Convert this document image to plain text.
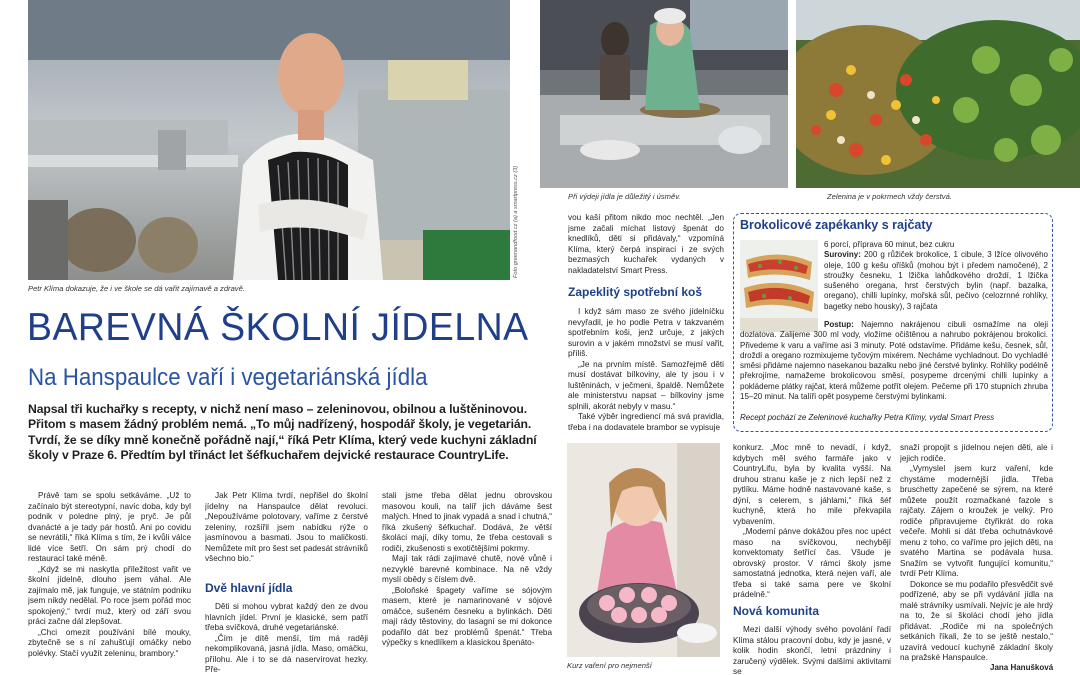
Petr Klíma dokazuje, že i ve škole se dá vařit zajímavě a zdravě.
Foto greenandfood.cz (a) a smartpress.cz (3)	Při výdeji jídla je důležitý i úsměv.	Zelenina je v pokrmech vždy čerstvá.
Kurz vaření pro nejmenší
BAREVNÁ ŠKOLNÍ JÍDELNA
Na Hanspaulce vaří i vegetariánská jídla
Napsal tři kuchařky s recepty, v nichž není maso – zeleninovou, obilnou a luštěninovou. Přitom s masem žádný problém nemá. „To můj nadřízený, hospodář školy, je vegetarián. Tvrdí, že se díky mně konečně pořádně nají,“ říká Petr Klíma, který vede kuchyni základní školy v Praze 6. Předtím byl třináct let šéfkuchařem dejvické restaurace CountryLife.

Právě tam se spolu setkáváme. „Už to začínalo být stereotypní, navíc doba, kdy byl podnik v poledne plný, je pryč. Je půl dvanácté a je tady pár hostů. Ani po covidu se nevrátili,“ říká Klíma s tím, že i kvůli válce lidé více šetří. On sám prý chodí do restaurací také méně.

„Když se mi naskytla příležitost vařit ve školní jídelně, dlouho jsem váhal. Ale zajímalo mě, jak funguje, ve státním podniku jsem nikdy nedělal. Po roce jsem pořád moc spokojený,“ tvrdí muž, který od září svou práci začne dál zlepšovat.

„Chci omezit používání bílé mouky, zbytečně se s ní zahušťují omáčky nebo polévky. Stačí využít zeleninu, brambory.“

Jak Petr Klíma tvrdí, nepřišel do školní jídelny na Hanspaulce dělat revoluci. „Nepoužíváme polotovary, vaříme z čerstvé zeleniny, rozšířil jsem nabídku rýže o jasmínovou a basmati. Jsou to maličkosti. Nemůžete mít pro šest set padesát strávníků všechno bio.“

Dvě hlavní jídla

Děti si mohou vybrat každý den ze dvou hlavních jídel. První je klasické, sem patří třeba svíčková, druhé vegetariánské.

„Čím je dítě menší, tím má raději nekomplikovaná, jasná jídla. Maso, omáčku, přílohu. Ale i to se dá naservírovat hezky. Pře-

stali jsme třeba dělat jednu obrovskou masovou kouli, na talíř jich dáváme šest malých. Hned to jinak vypadá a snad i chutná,“ říká zkušený šéfkuchař. Dodává, že větší školáci mají, díky tomu, že třeba cestovali s rodiči, zkušenosti s exotičtějšími pokrmy.

Mají tak rádi zajímavé chutě, nové vůně i nezvyklé barevné kombinace. Na ně vždy myslí obědy s číslem dvě.

„Boloňské špagety vaříme se sójovým masem, které je namarinované v sójové omáčce, sušeném česneku a bylinkách. Děti mají rády těstoviny, do lasagní se mi dokonce podařilo dát bez problémů špenát.“ Třeba výpečky s knedlíkem a klasickou špenáto-

vou kaší přitom nikdo moc nechtěl. „Jen jsme začali míchat listový špenát do knedlíků, děti si přidávaly,“ vzpomíná Klíma, který čerpá inspiraci i ze svých bezmasých kuchařek vydaných v nakladatelství Smart Press.

Zapeklitý spotřební koš

I když sám maso ze svého jídelníčku nevyřadil, je ho podle Petra v takzvaném spotřebním koši, jenž určuje, z jakých surovin a v jakém množství se musí vařit, příliš.

„Je na prvním místě. Samozřejmě děti musí dostávat bílkoviny, ale ty jsou i v luštěninách, v ječmeni, špaldě. Nemůžete ale ministerstvu napsat – bílkoviny jsme splnili, akorát nebyly v masu.“

Také výběr ingrediencí má svá pravidla, třeba i na dodavatele brambor se vypisuje

Brokolicové zapékanky s rajčaty
6 porcí, příprava 60 minut, bez cukru
Suroviny: 200 g růžiček brokolice, 1 cibule, 3 lžíce olivového oleje, 100 g kešu oříšků (mohou být i předem namočené), 2 stroužky česneku, 1 lžička lahůdkového droždí, 1 lžička sušeného oregana, hrst čerstvých bylin (např. bazalka, oregano), chilli lupínky, mořská sůl, pečivo (celozrnné rohlíky, bagetky nebo housky), 3 rajčata
Postup: Najemno nakrájenou cibuli osmažíme na oleji dozlatova. Zalijeme 300 ml vody, vložíme očištěnou a nahrubo pokrájenou brokolici. Přivedeme k varu a vaříme asi 3 minuty. Poté odstavíme. Přidáme kešu, česnek, sůl, droždí a oregano rozmixujeme tyčovým mixérem. Necháme vychladnout. Do vychladlé směsi přidáme najemno nasekanou bazalku nebo jiné čerstvé bylinky. Rohlíky podélně překrojíme, namažeme brokolicovou směsí, posypeme drcenými chilli lupínky a pokládeme plátky rajčat, která můžeme potřít olejem. Pečeme při 170 stupních zhruba 15–20 minut. Na talíři opět posypeme čerstvými bylinkami.
Recept pochází ze Zeleninové kuchařky Petra Klímy, vydal Smart Press

konkurz. „Moc mně to nevadí, i když, kdybych měl svého farmáře jako v CountryLifu, byla by kvalita vyšší. Na druhou stranu kaše je z nich lepší než z pytlíku. Máme hodně nastavované kaše, s dýní, s celerem, s jáhlami,“ říká šéf kuchyně, která ho mile překvapila vybavením.

„Moderní pánve dokážou přes noc upéct maso na svíčkovou, nechybějí konvektomaty šetřící čas. Všude je obrovský prostor. V rámci školy jsme samostatná jednotka, která nejen vaří, ale třeba si také sama pere ve školní prádelně.“

Nová komunita

Mezi další výhody svého povolání řadí Klíma stálou pracovní dobu, kdy je jasné, v kolik hodin skončí, letní prázdniny i zaručený výdělek. Svými dalšími aktivitami se

snaží propojit s jídelnou nejen děti, ale i jejich rodiče.

„Vymyslel jsem kurz vaření, kde chystáme modernější jídla. Třeba bruschetty zapečené se sýrem, na které můžete použít rozmačkané fazole s rajčaty. Zájem o kroužek je velký. Pro rodiče připravujeme čtyřikrát do roka večeře. Mohli si dát třeba ochutnávkové menu z toho, co vaříme pro jejich děti, na svatého Martina se podávala husa. Snažím se vytvořit fungující komunitu,“ tvrdí Petr Klíma.

Dokonce se mu podařilo přesvědčit své podřízené, aby se při vydávání jídla na malé strávníky usmívali. Nejvíc je ale hrdý na to, že si školáci chodí jeho jídla přidávat. „Rodiče mi na společných setkáních říkali, že to se ještě nestalo,“ uzavírá vedoucí kuchyně základní školy na pražské Hanspaulce.

Jana Hanušková
